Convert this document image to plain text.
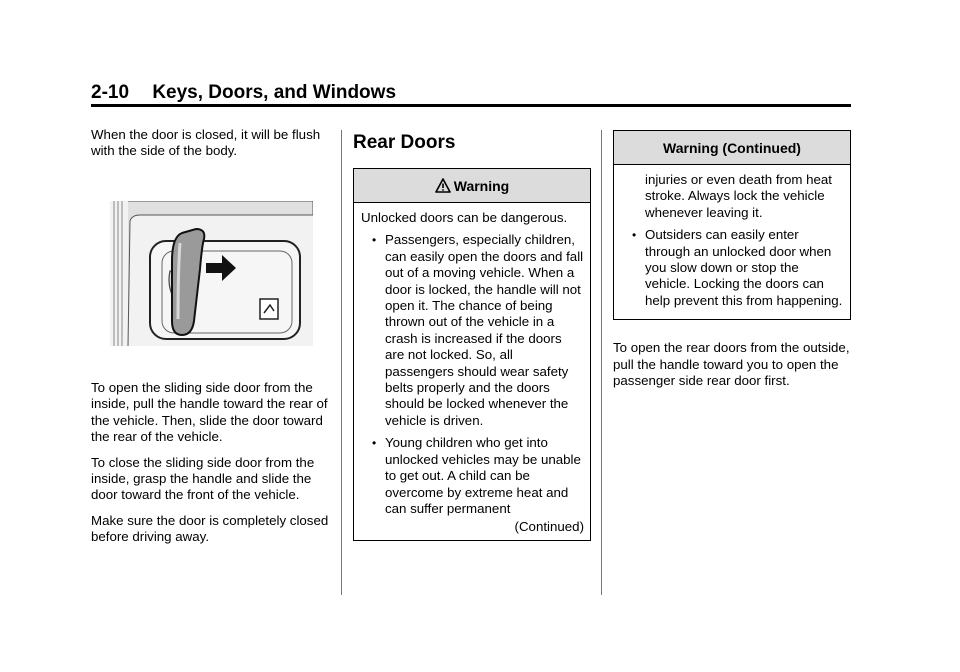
2-10 Keys, Doors, and Windows

When the door is closed, it will be flush with the side of the body.

To open the sliding side door from the inside, pull the handle toward the rear of the vehicle. Then, slide the door toward the rear of the vehicle.

To close the sliding side door from the inside, grasp the handle and slide the door toward the front of the vehicle.

Make sure the door is completely closed before driving away.

Rear Doors
Warning

Unlocked doors can be dangerous.

• Passengers, especially children, can easily open the doors and fall out of a moving vehicle. When a door is locked, the handle will not open it. The chance of being thrown out of the vehicle in a crash is increased if the doors are not locked. So, all passengers should wear safety belts properly and the doors should be locked whenever the vehicle is driven.

• Young children who get into unlocked vehicles may be unable to get out. A child can be overcome by extreme heat and can suffer permanent

(Continued)
Warning (Continued)

injuries or even death from heat stroke. Always lock the vehicle whenever leaving it.

• Outsiders can easily enter through an unlocked door when you slow down or stop the vehicle. Locking the doors can help prevent this from happening.

To open the rear doors from the outside, pull the handle toward you to open the passenger side rear door first.
